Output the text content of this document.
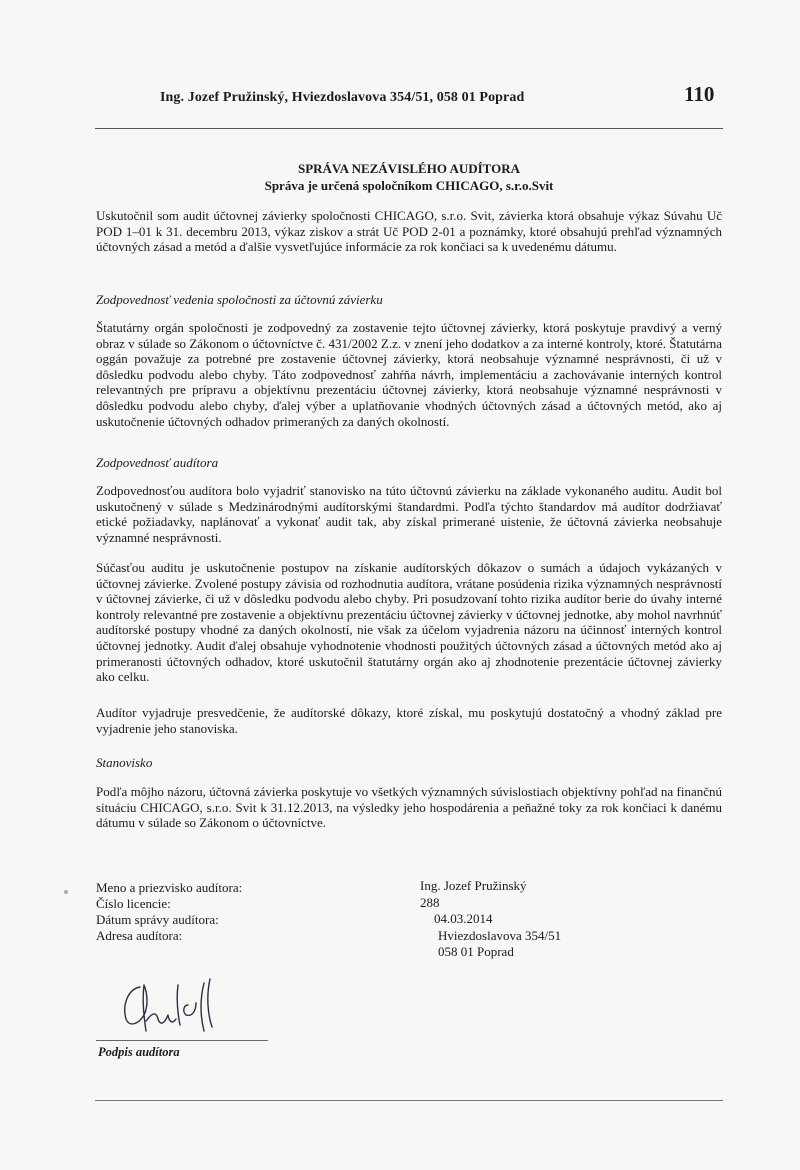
Ing. Jozef Pružinský, Hviezdoslavova 354/51, 058 01 Poprad	110
SPRÁVA NEZÁVISLÉHO AUDÍTORA
Správa je určená spoločníkom CHICAGO, s.r.o.Svit
Uskutočnil som audit účtovnej závierky spoločnosti CHICAGO, s.r.o. Svit, závierka ktorá obsahuje výkaz Súvahu Uč POD 1–01 k 31. decembru 2013, výkaz ziskov a strát Uč POD 2-01 a poznámky, ktoré obsahujú prehľad významných účtovných zásad a metód a ďalšie vysvetľujúce informácie za rok končiaci sa k uvedenému dátumu.
Zodpovednosť vedenia spoločnosti za účtovnú závierku
Štatutárny orgán spoločnosti je zodpovedný za zostavenie tejto účtovnej závierky, ktorá poskytuje pravdivý a verný obraz v súlade so Zákonom o účtovníctve č. 431/2002 Z.z. v znení jeho dodatkov a za interné kontroly, ktoré. Štatutárna oggán považuje za potrebné pre zostavenie účtovnej závierky, ktorá neobsahuje významné nesprávnosti, či už v dôsledku podvodu alebo chyby. Táto zodpovednosť zahŕňa návrh, implementáciu a zachovávanie interných kontrol relevantných pre prípravu a objektívnu prezentáciu účtovnej závierky, ktorá neobsahuje významné nesprávnosti v dôsledku podvodu alebo chyby, ďalej výber a uplatňovanie vhodných účtovných zásad a účtovných metód, ako aj uskutočnenie účtovných odhadov primeraných za daných okolností.
Zodpovednosť audítora
Zodpovednosťou audítora bolo vyjadriť stanovisko na túto účtovnú závierku na základe vykonaného auditu. Audit bol uskutočnený v súlade s Medzinárodnými audítorskými štandardmi. Podľa týchto štandardov má audítor dodržiavať etické požiadavky, naplánovať a vykonať audit tak, aby získal primerané uistenie, že účtovná závierka neobsahuje významné nesprávnosti.
Súčasťou auditu je uskutočnenie postupov na získanie audítorských dôkazov o sumách a údajoch vykázaných v účtovnej závierke. Zvolené postupy závisia od rozhodnutia audítora, vrátane posúdenia rizika významných nesprávností v účtovnej závierke, či už v dôsledku podvodu alebo chyby. Pri posudzovaní tohto rizika audítor berie do úvahy interné kontroly relevantné pre zostavenie a objektívnu prezentáciu účtovnej závierky v účtovnej jednotke, aby mohol navrhnúť audítorské postupy vhodné za daných okolností, nie však za účelom vyjadrenia názoru na účinnosť interných kontrol účtovnej jednotky. Audit ďalej obsahuje vyhodnotenie vhodnosti použitých účtovných zásad a účtovných metód ako aj primeranosti účtovných odhadov, ktoré uskutočnil štatutárny orgán ako aj zhodnotenie prezentácie účtovnej závierky ako celku.
Audítor vyjadruje presvedčenie, že audítorské dôkazy, ktoré získal, mu poskytujú dostatočný a vhodný základ pre vyjadrenie jeho stanoviska.
Stanovisko
Podľa môjho názoru, účtovná závierka poskytuje vo všetkých významných súvislostiach objektívny pohľad na finančnú situáciu CHICAGO, s.r.o. Svit k 31.12.2013, na výsledky jeho hospodárenia a peňažné toky za rok končiaci k danému dátumu v súlade so Zákonom o účtovníctve.
Meno a priezvisko audítora:
Číslo licencie:
Dátum správy audítora:
Adresa audítora:
Ing. Jozef Pružinský
288
04.03.2014
Hviezdoslavova 354/51
058 01 Poprad
Podpis audítora
